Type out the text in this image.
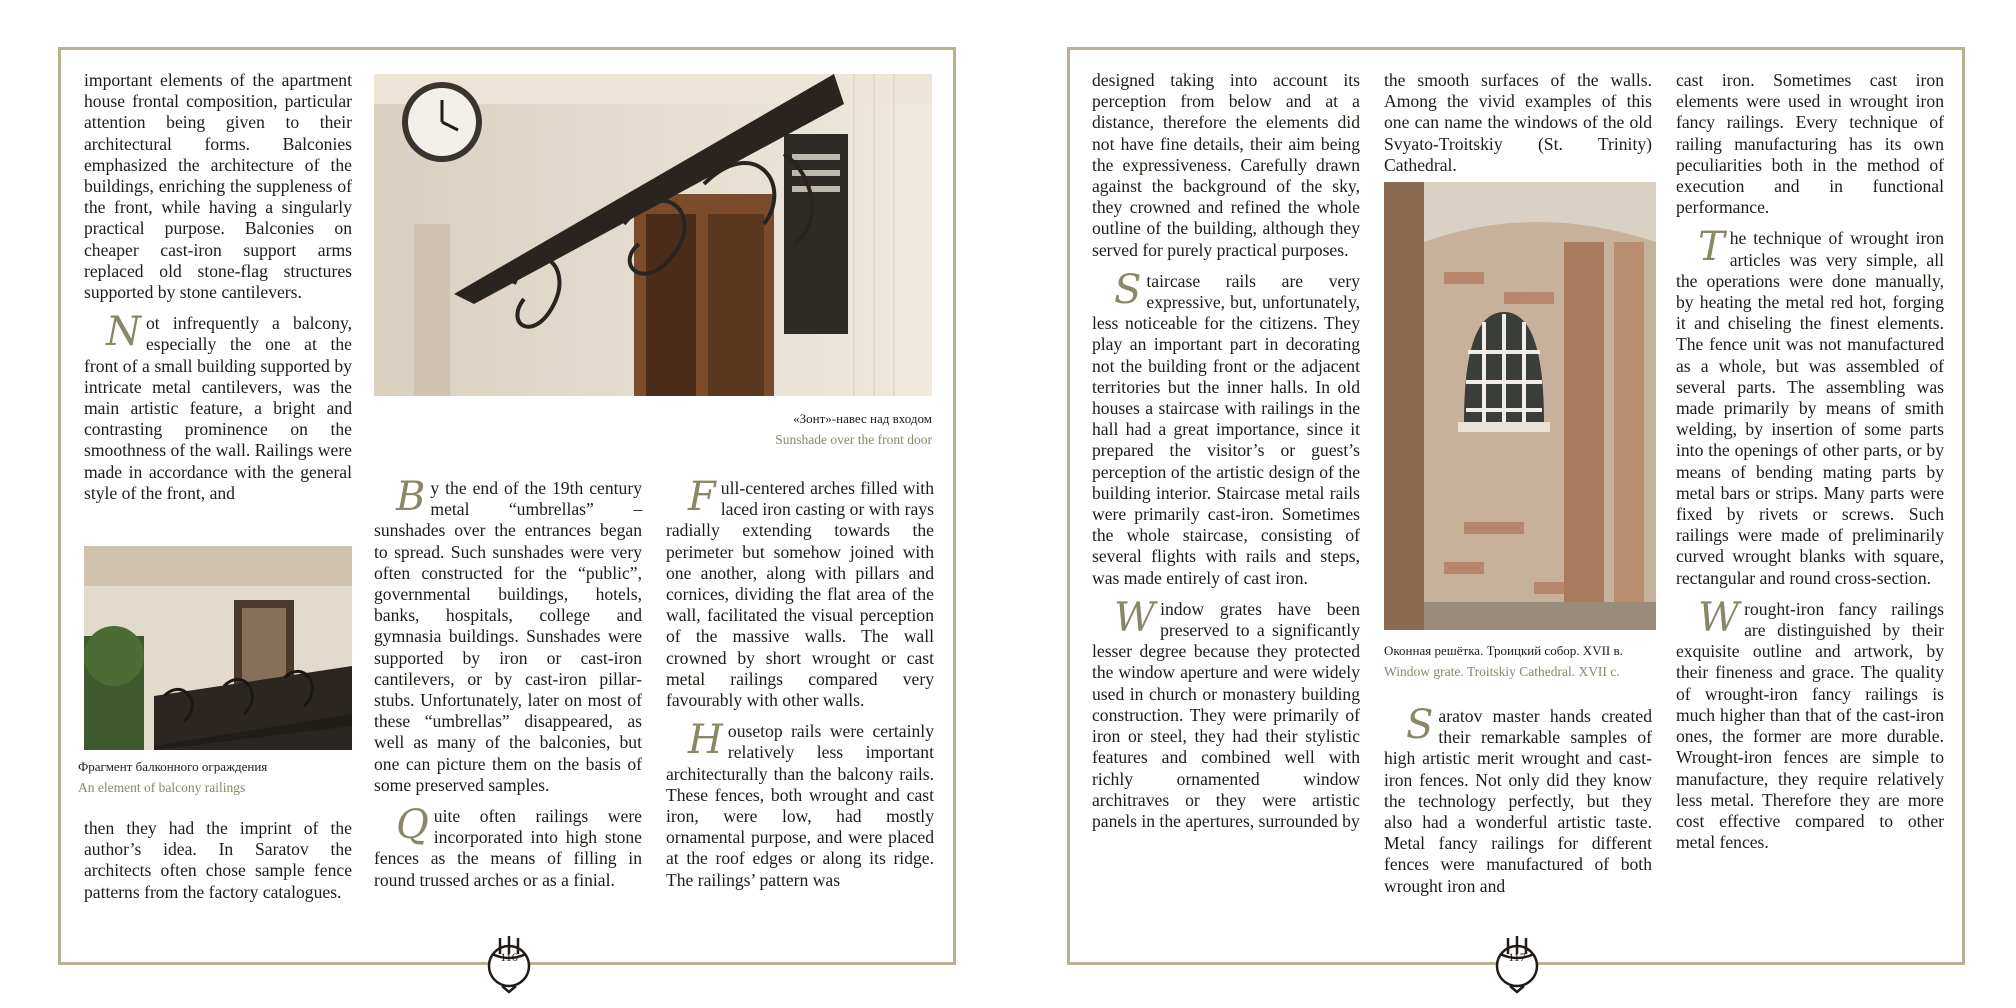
important elements of the apartment house frontal composition, particular attention being given to their architectural forms. Balconies emphasized the architecture of the buildings, enriching the suppleness of the front, while having a singularly practical purpose. Balconies on cheaper cast-iron support arms replaced old stone-flag structures supported by stone cantilevers.

Not infrequently a balcony, especially the one at the front of a small building supported by intricate metal cantilevers, was the main artistic feature, a bright and contrasting prominence on the smoothness of the wall. Railings were made in accordance with the general style of the front, and

then they had the imprint of the author’s idea. In Saratov the architects often chose sample fence patterns from the factory catalogues.

By the end of the 19th century metal “umbrellas” – sunshades over the entrances began to spread. Such sunshades were very often constructed for the “public”, governmental buildings, hotels, banks, hospitals, college and gymnasia buildings. Sunshades were supported by iron or cast-iron cantilevers, or by cast-iron pillar-stubs. Unfortunately, later on most of these “umbrellas” disappeared, as well as many of the balconies, but one can picture them on the basis of some preserved samples.

Quite often railings were incorporated into high stone fences as the means of filling in round trussed arches or as a finial.

Full-centered arches filled with laced iron casting or with rays radially extending towards the perimeter but somehow joined with one another, along with pillars and cornices, dividing the flat area of the wall, facilitated the visual perception of the massive walls. The wall crowned by short wrought or cast metal railings compared very favourably with other walls.

Housetop rails were certainly relatively less important architecturally than the balcony rails. These fences, both wrought and cast iron, were low, had mostly ornamental purpose, and were placed at the roof edges or along its ridge. The railings’ pattern was

«Зонт»-навес над входом
Sunshade over the front door
Фрагмент балконного ограждения
An element of balcony railings
116

designed taking into account its perception from below and at a distance, therefore the elements did not have fine details, their aim being the expressiveness. Carefully drawn against the background of the sky, they crowned and refined the whole outline of the building, although they served for purely practical purposes.

Staircase rails are very expressive, but, unfortunately, less noticeable for the citizens. They play an important part in decorating not the building front or the adjacent territories but the inner halls. In old houses a staircase with railings in the hall had a great importance, since it prepared the visitor’s or guest’s perception of the artistic design of the building interior. Staircase metal rails were primarily cast-iron. Sometimes the whole staircase, consisting of several flights with rails and steps, was made entirely of cast iron.

Window grates have been preserved to a significantly lesser degree because they protected the window aperture and were widely used in church or monastery building construction. They were primarily of iron or steel, they had their stylistic features and combined well with richly ornamented window architraves or they were artistic panels in the apertures, surrounded by

the smooth surfaces of the walls. Among the vivid examples of this one can name the windows of the old Svyato-Troitskiy (St. Trinity) Cathedral.

Saratov master hands created their remarkable samples of high artistic merit wrought and cast-iron fences. Not only did they know the technology perfectly, but they also had a wonderful artistic taste. Metal fancy railings for different fences were manufactured of both wrought iron and

cast iron. Sometimes cast iron elements were used in wrought iron fancy railings. Every technique of railing manufacturing has its own peculiarities both in the method of execution and in functional performance.

The technique of wrought iron articles was very simple, all the operations were done manually, by heating the metal red hot, forging it and chiseling the finest elements. The fence unit was not manufactured as a whole, but was assembled of several parts. The assembling was made primarily by means of smith welding, by insertion of some parts into the openings of other parts, or by means of bending mating parts by metal bars or strips. Many parts were fixed by rivets or screws. Such railings were made of preliminarily curved wrought blanks with square, rectangular and round cross-section.

Wrought-iron fancy railings are distinguished by their exquisite outline and artwork, by their fineness and grace. The quality of wrought-iron fancy railings is much higher than that of the cast-iron ones, the former are more durable. Wrought-iron fences are simple to manufacture, they require relatively less metal. Therefore they are more cost effective compared to other metal fences.

Оконная решётка. Троицкий собор. XVII в.
Window grate. Troitskiy Cathedral. XVII c.
117
